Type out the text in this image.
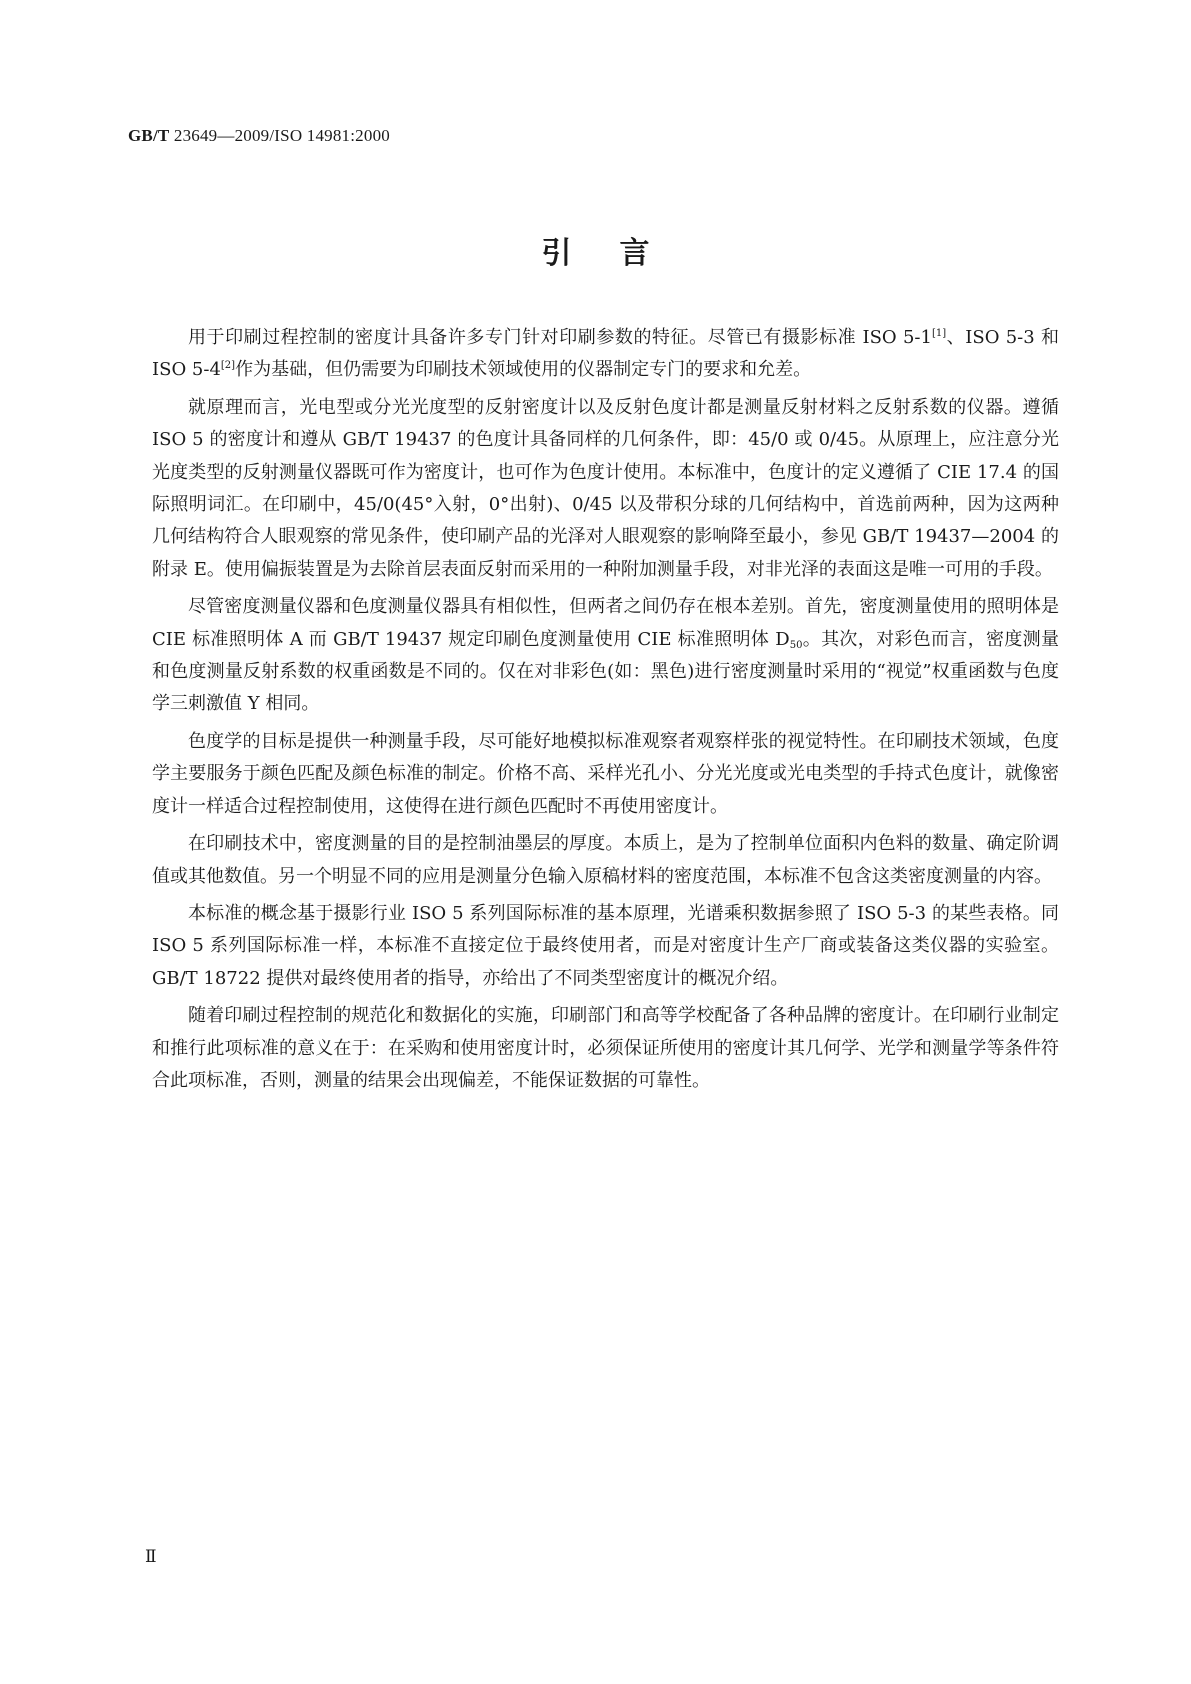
GB/T 23649—2009/ISO 14981:2000
引言

用于印刷过程控制的密度计具备许多专门针对印刷参数的特征。尽管已有摄影标准 ISO 5-1[1]、ISO 5-3 和 ISO 5-4[2]作为基础，但仍需要为印刷技术领域使用的仪器制定专门的要求和允差。

就原理而言，光电型或分光光度型的反射密度计以及反射色度计都是测量反射材料之反射系数的仪器。遵循 ISO 5 的密度计和遵从 GB/T 19437 的色度计具备同样的几何条件，即：45/0 或 0/45。从原理上，应注意分光光度类型的反射测量仪器既可作为密度计，也可作为色度计使用。本标准中，色度计的定义遵循了 CIE 17.4 的国际照明词汇。在印刷中，45/0(45°入射，0°出射)、0/45 以及带积分球的几何结构中，首选前两种，因为这两种几何结构符合人眼观察的常见条件，使印刷产品的光泽对人眼观察的影响降至最小，参见 GB/T 19437—2004 的附录 E。使用偏振装置是为去除首层表面反射而采用的一种附加测量手段，对非光泽的表面这是唯一可用的手段。

尽管密度测量仪器和色度测量仪器具有相似性，但两者之间仍存在根本差别。首先，密度测量使用的照明体是 CIE 标准照明体 A 而 GB/T 19437 规定印刷色度测量使用 CIE 标准照明体 $D_{50}$。其次，对彩色而言，密度测量和色度测量反射系数的权重函数是不同的。仅在对非彩色(如：黑色)进行密度测量时采用的“视觉”权重函数与色度学三刺激值 Y 相同。

色度学的目标是提供一种测量手段，尽可能好地模拟标准观察者观察样张的视觉特性。在印刷技术领域，色度学主要服务于颜色匹配及颜色标准的制定。价格不高、采样光孔小、分光光度或光电类型的手持式色度计，就像密度计一样适合过程控制使用，这使得在进行颜色匹配时不再使用密度计。

在印刷技术中，密度测量的目的是控制油墨层的厚度。本质上，是为了控制单位面积内色料的数量、确定阶调值或其他数值。另一个明显不同的应用是测量分色输入原稿材料的密度范围，本标准不包含这类密度测量的内容。

本标准的概念基于摄影行业 ISO 5 系列国际标准的基本原理，光谱乘积数据参照了 ISO 5-3 的某些表格。同 ISO 5 系列国际标准一样，本标准不直接定位于最终使用者，而是对密度计生产厂商或装备这类仪器的实验室。GB/T 18722 提供对最终使用者的指导，亦给出了不同类型密度计的概况介绍。

随着印刷过程控制的规范化和数据化的实施，印刷部门和高等学校配备了各种品牌的密度计。在印刷行业制定和推行此项标准的意义在于：在采购和使用密度计时，必须保证所使用的密度计其几何学、光学和测量学等条件符合此项标准，否则，测量的结果会出现偏差，不能保证数据的可靠性。

Ⅱ
